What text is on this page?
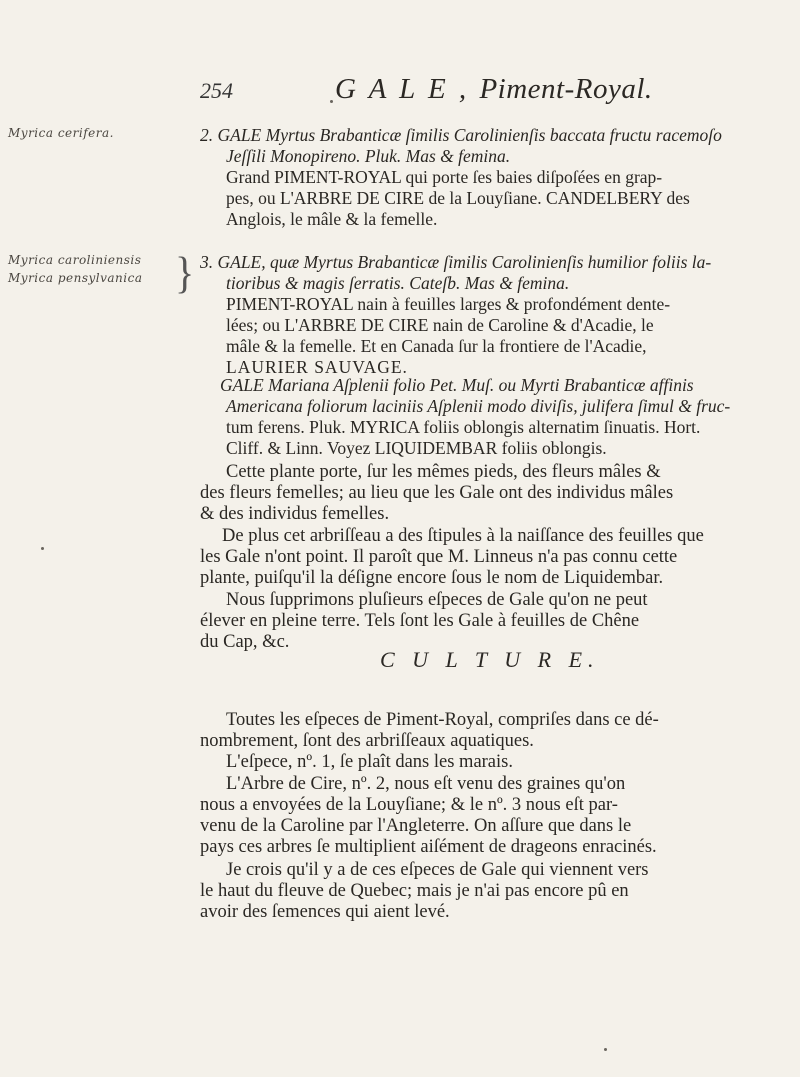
Myrica cerifera.
Myrica caroliniensis
Myrica pensylvanica }
254	G A L E , Piment-Royal.

2. GALE Myrtus Brabanticæ ſimilis Carolinienſis baccata fructu racemoſo

Jeſſili Monopireno. Pluk. Mas & femina.

Grand PIMENT-ROYAL qui porte ſes baies diſpoſées en grap-

pes, ou L'ARBRE DE CIRE de la Louyſiane. CANDELBERY des

Anglois, le mâle & la femelle.

3. GALE, quæ Myrtus Brabanticæ ſimilis Carolinienſis humilior foliis la-

tioribus & magis ſerratis. Cateſb. Mas & femina.

PIMENT-ROYAL nain à feuilles larges & profondément dente-

lées; ou L'ARBRE DE CIRE nain de Caroline & d'Acadie, le

mâle & la femelle. Et en Canada ſur la frontiere de l'Acadie,

LAURIER SAUVAGE.

GALE Mariana Aſplenii folio Pet. Muſ. ou Myrti Brabanticæ affinis

Americana foliorum laciniis Aſplenii modo diviſis, julifera ſimul & fruc-

tum ferens. Pluk. MYRICA foliis oblongis alternatim ſinuatis. Hort.

Cliff. & Linn. Voyez LIQUIDEMBAR foliis oblongis.

Cette plante porte, ſur les mêmes pieds, des fleurs mâles &

des fleurs femelles; au lieu que les Gale ont des individus mâles

& des individus femelles.

De plus cet arbriſſeau a des ſtipules à la naiſſance des feuilles que

les Gale n'ont point. Il paroît que M. Linneus n'a pas connu cette

plante, puiſqu'il la déſigne encore ſous le nom de Liquidembar.

Nous ſupprimons pluſieurs eſpeces de Gale qu'on ne peut

élever en pleine terre. Tels ſont les Gale à feuilles de Chêne

du Cap, &c.

C U L T U R E.

Toutes les eſpeces de Piment-Royal, compriſes dans ce dé-

nombrement, ſont des arbriſſeaux aquatiques.

L'eſpece, nº. 1, ſe plaît dans les marais.

L'Arbre de Cire, nº. 2, nous eſt venu des graines qu'on

nous a envoyées de la Louyſiane; & le nº. 3 nous eſt par-

venu de la Caroline par l'Angleterre. On aſſure que dans le

pays ces arbres ſe multiplient aiſément de drageons enracinés.

Je crois qu'il y a de ces eſpeces de Gale qui viennent vers

le haut du fleuve de Quebec; mais je n'ai pas encore pû en

avoir des ſemences qui aient levé.
